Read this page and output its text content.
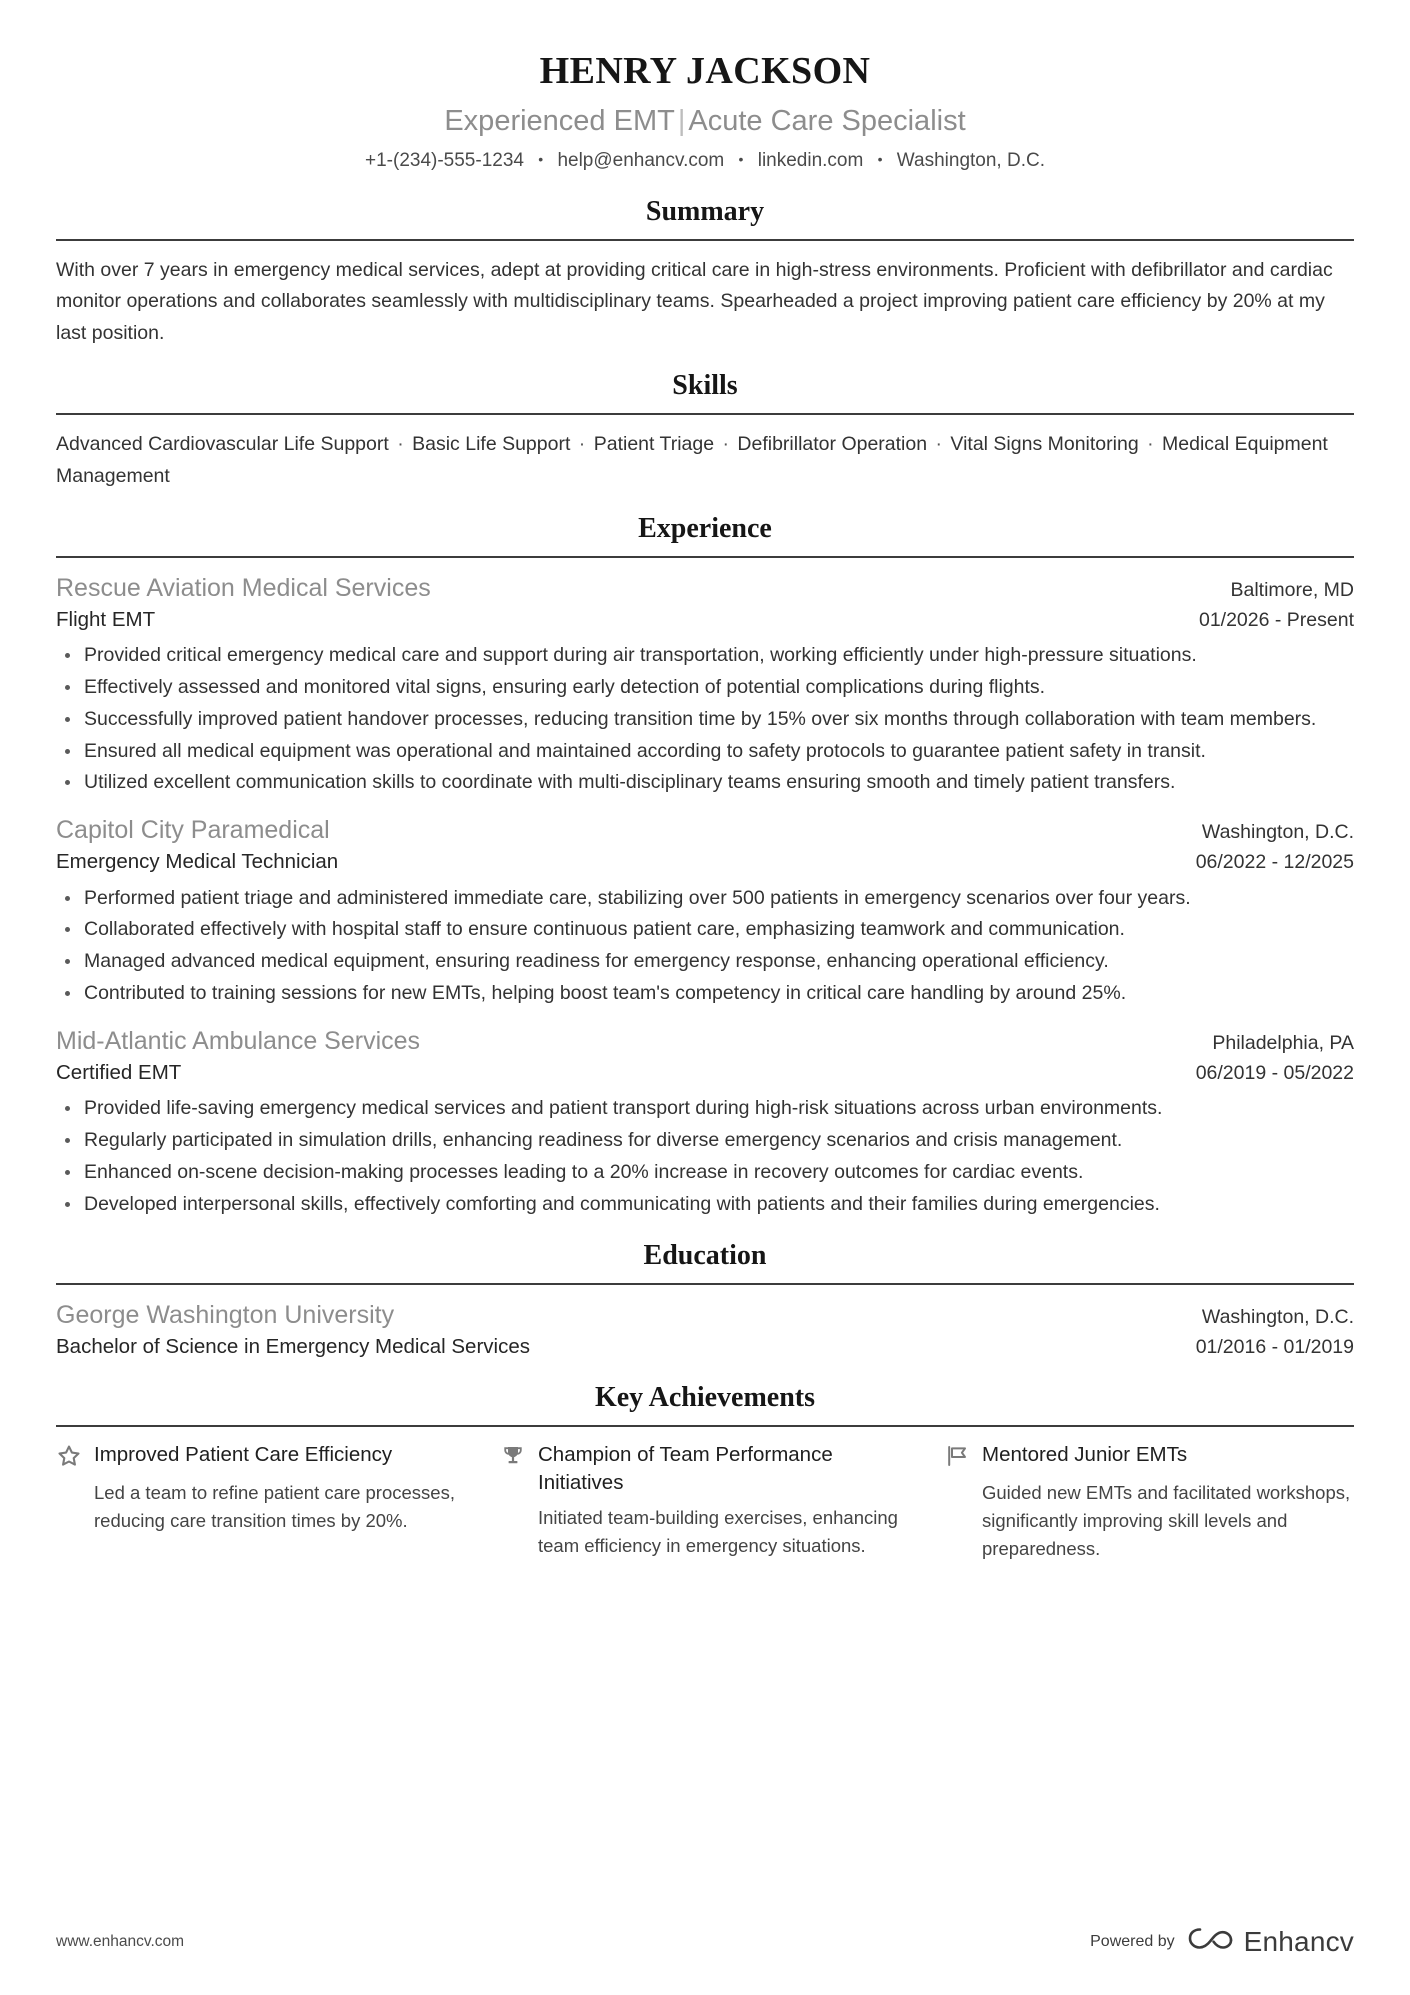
HENRY JACKSON
Experienced EMT | Acute Care Specialist
+1-(234)-555-1234 • help@enhancv.com • linkedin.com • Washington, D.C.
Summary

With over 7 years in emergency medical services, adept at providing critical care in high-stress environments. Proficient with defibrillator and cardiac monitor operations and collaborates seamlessly with multidisciplinary teams. Spearheaded a project improving patient care efficiency by 20% at my last position.

Skills

Advanced Cardiovascular Life Support · Basic Life Support · Patient Triage · Defibrillator Operation · Vital Signs Monitoring · Medical Equipment Management

Experience
Rescue Aviation Medical Services	Baltimore, MD
Flight EMT	01/2026 - Present
Provided critical emergency medical care and support during air transportation, working efficiently under high-pressure situations.
Effectively assessed and monitored vital signs, ensuring early detection of potential complications during flights.
Successfully improved patient handover processes, reducing transition time by 15% over six months through collaboration with team members.
Ensured all medical equipment was operational and maintained according to safety protocols to guarantee patient safety in transit.
Utilized excellent communication skills to coordinate with multi-disciplinary teams ensuring smooth and timely patient transfers.
Capitol City Paramedical	Washington, D.C.
Emergency Medical Technician	06/2022 - 12/2025
Performed patient triage and administered immediate care, stabilizing over 500 patients in emergency scenarios over four years.
Collaborated effectively with hospital staff to ensure continuous patient care, emphasizing teamwork and communication.
Managed advanced medical equipment, ensuring readiness for emergency response, enhancing operational efficiency.
Contributed to training sessions for new EMTs, helping boost team's competency in critical care handling by around 25%.
Mid-Atlantic Ambulance Services	Philadelphia, PA
Certified EMT	06/2019 - 05/2022
Provided life-saving emergency medical services and patient transport during high-risk situations across urban environments.
Regularly participated in simulation drills, enhancing readiness for diverse emergency scenarios and crisis management.
Enhanced on-scene decision-making processes leading to a 20% increase in recovery outcomes for cardiac events.
Developed interpersonal skills, effectively comforting and communicating with patients and their families during emergencies.
Education
George Washington University	Washington, D.C.
Bachelor of Science in Emergency Medical Services	01/2016 - 01/2019
Key Achievements
Improved Patient Care Efficiency
Led a team to refine patient care processes, reducing care transition times by 20%.
Champion of Team Performance Initiatives
Initiated team-building exercises, enhancing team efficiency in emergency situations.
Mentored Junior EMTs
Guided new EMTs and facilitated workshops, significantly improving skill levels and preparedness.
www.enhancv.com	Powered by Enhancv
